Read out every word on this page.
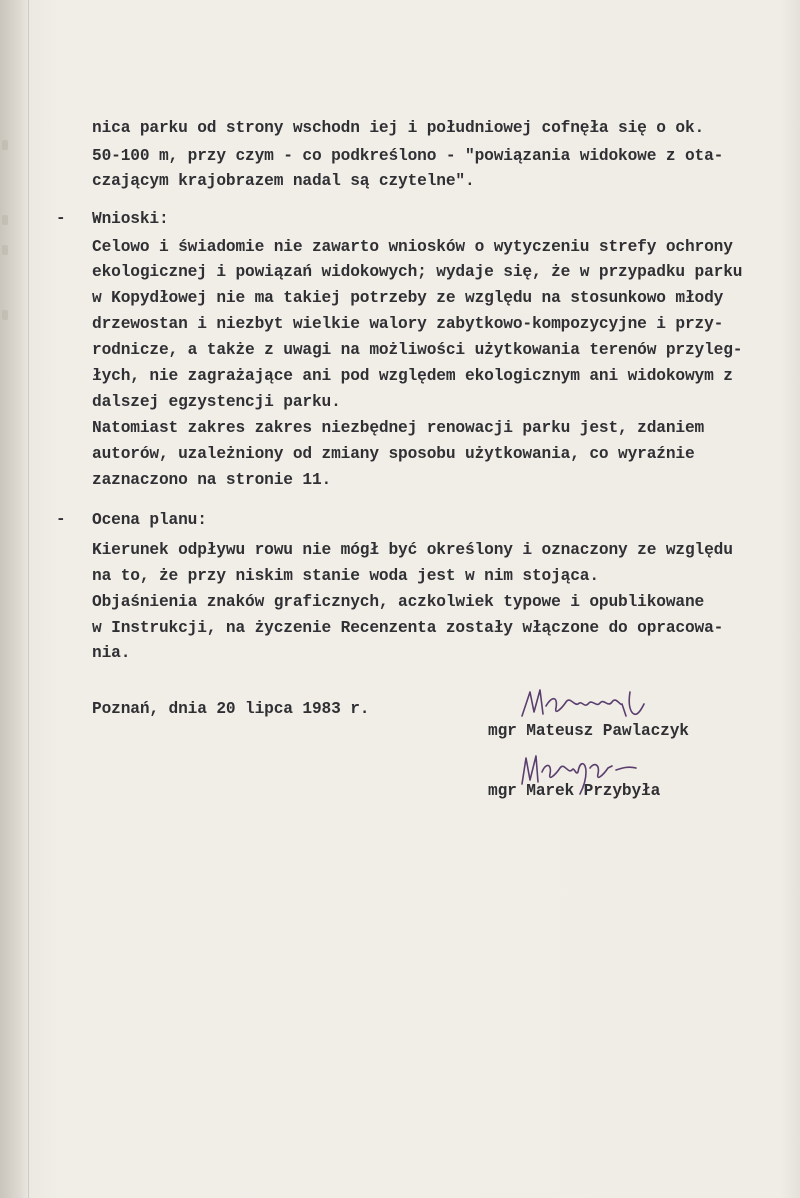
nica parku od strony wschodn iej i południowej cofnęła się o ok.
50-100 m, przy czym - co podkreślono - "powiązania widokowe z ota-
czającym krajobrazem nadal są czytelne".
- Wnioski:
Celowo i świadomie nie zawarto wniosków o wytyczeniu strefy ochrony
ekologicznej i powiązań widokowych; wydaje się, że w przypadku parku
w Kopydłowej nie ma takiej potrzeby ze względu na stosunkowo młody
drzewostan i niezbyt wielkie walory zabytkowo-kompozycyjne i przy-
rodnicze, a także z uwagi na możliwości użytkowania terenów przyleg-
łych, nie zagrażające ani pod względem ekologicznym ani widokowym z
dalszej egzystencji parku.
Natomiast zakres zakres niezbędnej renowacji parku jest, zdaniem
autorów, uzależniony od zmiany sposobu użytkowania, co wyraźnie
zaznaczono na stronie 11.
- Ocena planu:
Kierunek odpływu rowu nie mógł być określony i oznaczony ze względu
na to, że przy niskim stanie woda jest w nim stojąca.
Objaśnienia znaków graficznych, aczkolwiek typowe i opublikowane
w Instrukcji, na życzenie Recenzenta zostały włączone do opracowa-
nia.
Poznań, dnia 20 lipca 1983 r.
mgr Mateusz Pawlaczyk
mgr Marek Przybyła
